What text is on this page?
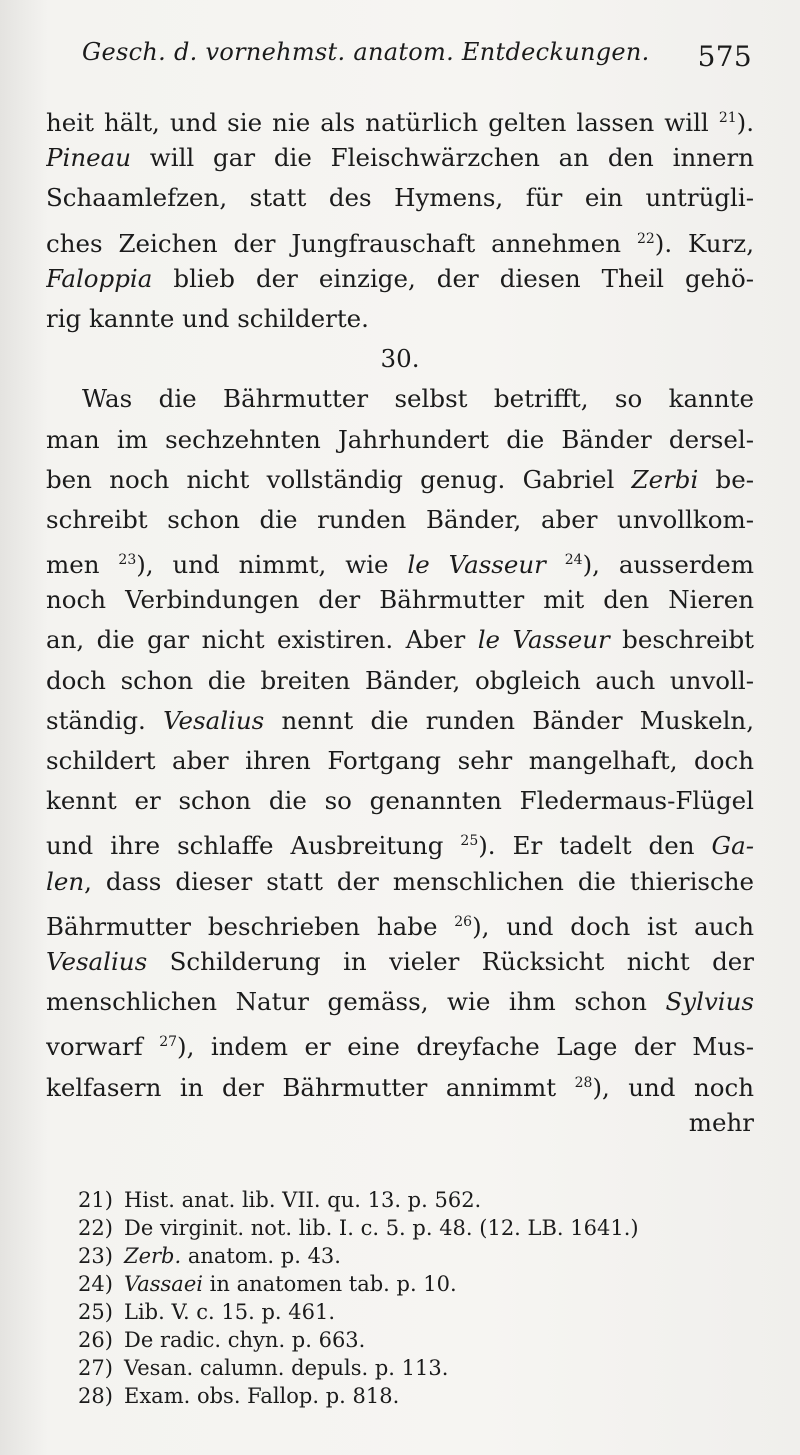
Gesch. d. vornehmst. anatom. Entdeckungen. 575
heit hält, und sie nie als natürlich gelten lassen will $^{21}$).
Pineau will gar die Fleischwärzchen an den innern
Schaamlefzen, statt des Hymens, für ein untrügli-
ches Zeichen der Jungfrauschaft annehmen $^{22}$). Kurz,
Faloppia blieb der einzige, der diesen Theil gehö-
rig kannte und schilderte.
30.
Was die Bährmutter selbst betrifft, so kannte
man im sechzehnten Jahrhundert die Bänder dersel-
ben noch nicht vollständig genug. Gabriel Zerbi be-
schreibt schon die runden Bänder, aber unvollkom-
men $^{23}$), und nimmt, wie le Vasseur $^{24}$), ausserdem
noch Verbindungen der Bährmutter mit den Nieren
an, die gar nicht existiren. Aber le Vasseur beschreibt
doch schon die breiten Bänder, obgleich auch unvoll-
ständig. Vesalius nennt die runden Bänder Muskeln,
schildert aber ihren Fortgang sehr mangelhaft, doch
kennt er schon die so genannten Fledermaus-Flügel
und ihre schlaffe Ausbreitung $^{25}$). Er tadelt den Ga-
len, dass dieser statt der menschlichen die thierische
Bährmutter beschrieben habe $^{26}$), und doch ist auch
Vesalius Schilderung in vieler Rücksicht nicht der
menschlichen Natur gemäss, wie ihm schon Sylvius
vorwarf $^{27}$), indem er eine dreyfache Lage der Mus-
kelfasern in der Bährmutter annimmt $^{28}$), und noch
mehr
21) Hist. anat. lib. VII. qu. 13. p. 562.
22) De virginit. not. lib. I. c. 5. p. 48. (12. LB. 1641.)
23) Zerb. anatom. p. 43.
24) Vassaei in anatomen tab. p. 10.
25) Lib. V. c. 15. p. 461.
26) De radic. chyn. p. 663.
27) Vesan. calumn. depuls. p. 113.
28) Exam. obs. Fallop. p. 818.
